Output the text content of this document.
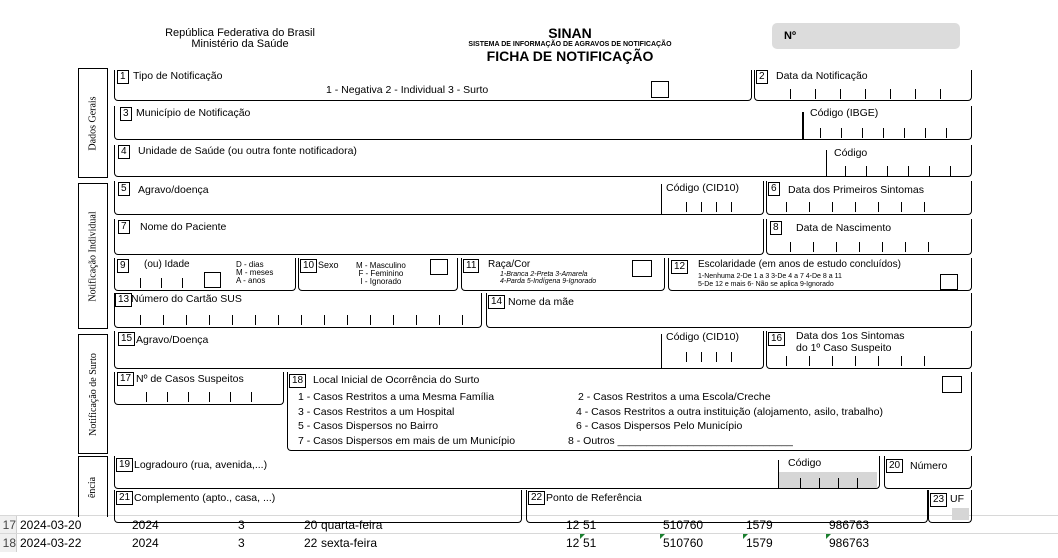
17 2024-03-20	2024	3	20 quarta-feira	12 51	510760	1579	986763
18 2024-03-22	2024	3	22 sexta-feira	12 51	510760	1579	986763
República Federativa do Brasil
Ministério da Saúde
SINAN
SISTEMA DE INFORMAÇÃO DE AGRAVOS DE NOTIFICAÇÃO
FICHA DE NOTIFICAÇÃO
Nº
Dados Gerais
Notificação Individual
Notificação de Surto
ência
1 Tipo de Notificação
1 - Negativa 2 - Individual 3 - Surto
2 Data da Notificação
3 Município de Notificação	Código (IBGE)
4 Unidade de Saúde (ou outra fonte notificadora)	Código
5 Agravo/doença	Código (CID10)	6 Data dos Primeiros Sintomas
7 Nome do Paciente	8 Data de Nascimento
9	(ou) Idade	D - dias
M - meses
A - anos
10 Sexo M - Masculino
F - Feminino
I - Ignorado
11	Raça/Cor
1-Branca 2-Preta 3-Amarela
4-Parda 5-Indígena 9-Ignorado
12	Escolaridade (em anos de estudo concluídos)
1-Nenhuma 2-De 1 a 3 3-De 4 a 7 4-De 8 a 11
5-De 12 e mais 6- Não se aplica 9-Ignorado
13 Número do Cartão SUS	14 Nome da mãe
15 Agravo/Doença	Código (CID10)	16 Data dos 1os Sintomas
do 1º Caso Suspeito
17 Nº de Casos Suspeitos	18 Local Inicial de Ocorrência do Surto
1 - Casos Restritos a uma Mesma Família
3 - Casos Restritos a um Hospital
5 - Casos Dispersos no Bairro
7 - Casos Dispersos em mais de um Município
2 - Casos Restritos a uma Escola/Creche
4 - Casos Restritos a outra instituição (alojamento, asilo, trabalho)
6 - Casos Dispersos Pelo Município
8 - Outros ______________________________
19 Logradouro (rua, avenida,...)	Código	20 Número
21 Complemento (apto., casa, ...)	22 Ponto de Referência	23 UF
